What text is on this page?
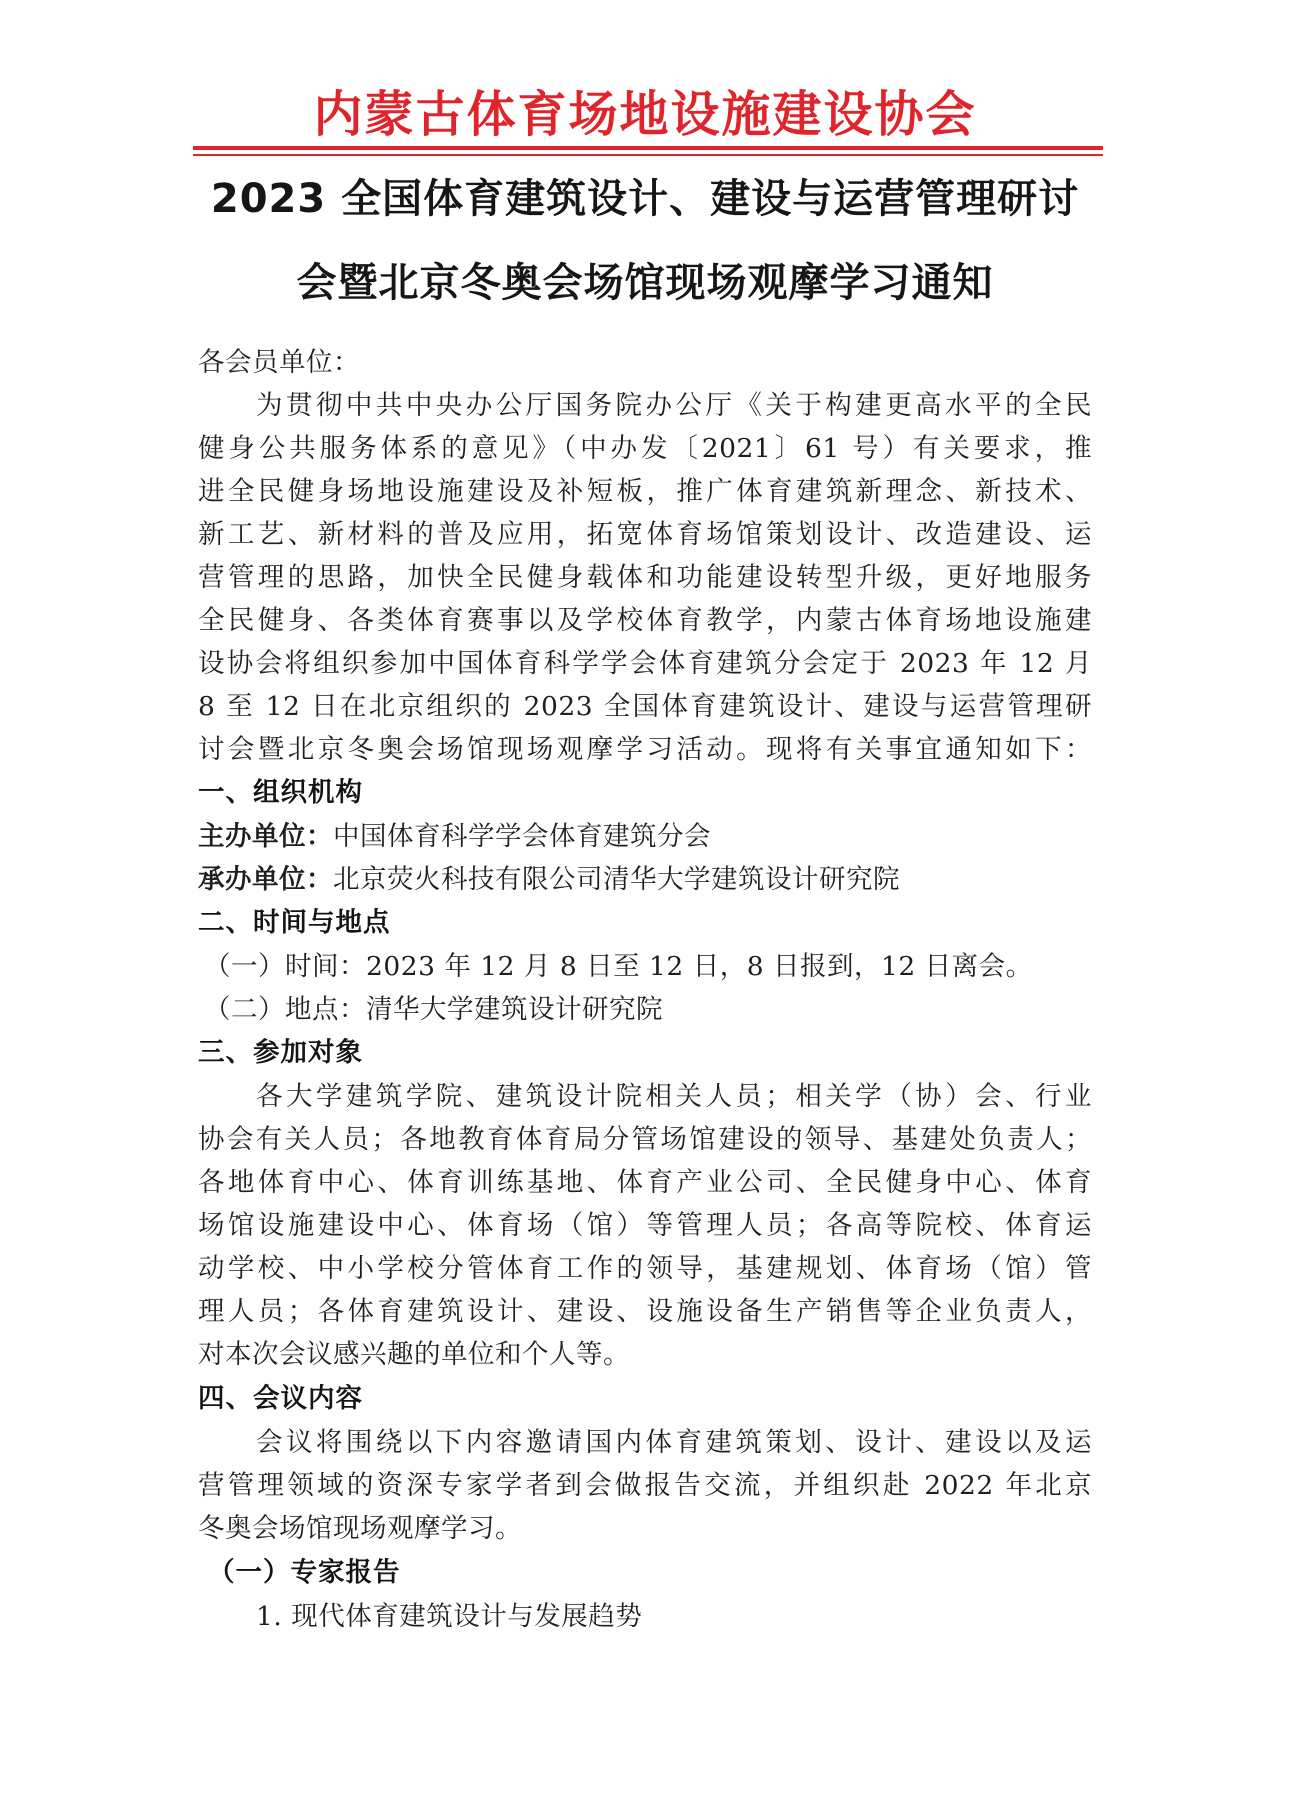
内蒙古体育场地设施建设协会
2023 全国体育建筑设计、建设与运营管理研讨
会暨北京冬奥会场馆现场观摩学习通知
各会员单位：
为贯彻中共中央办公厅国务院办公厅《关于构建更高水平的全民
健身公共服务体系的意见》（中办发〔2021〕61 号）有关要求，推
进全民健身场地设施建设及补短板，推广体育建筑新理念、新技术、
新工艺、新材料的普及应用，拓宽体育场馆策划设计、改造建设、运
营管理的思路，加快全民健身载体和功能建设转型升级，更好地服务
全民健身、各类体育赛事以及学校体育教学，内蒙古体育场地设施建
设协会将组织参加中国体育科学学会体育建筑分会定于 2023 年 12 月
8 至 12 日在北京组织的 2023 全国体育建筑设计、建设与运营管理研
讨会暨北京冬奥会场馆现场观摩学习活动。现将有关事宜通知如下：
一、组织机构
主办单位：中国体育科学学会体育建筑分会
承办单位：北京荧火科技有限公司清华大学建筑设计研究院
二、时间与地点
（一）时间：2023 年 12 月 8 日至 12 日，8 日报到，12 日离会。
（二）地点：清华大学建筑设计研究院
三、参加对象
各大学建筑学院、建筑设计院相关人员；相关学（协）会、行业
协会有关人员；各地教育体育局分管场馆建设的领导、基建处负责人；
各地体育中心、体育训练基地、体育产业公司、全民健身中心、体育
场馆设施建设中心、体育场（馆）等管理人员；各高等院校、体育运
动学校、中小学校分管体育工作的领导，基建规划、体育场（馆）管
理人员；各体育建筑设计、建设、设施设备生产销售等企业负责人，
对本次会议感兴趣的单位和个人等。
四、会议内容
会议将围绕以下内容邀请国内体育建筑策划、设计、建设以及运
营管理领域的资深专家学者到会做报告交流，并组织赴 2022 年北京
冬奥会场馆现场观摩学习。
（一）专家报告
1. 现代体育建筑设计与发展趋势
